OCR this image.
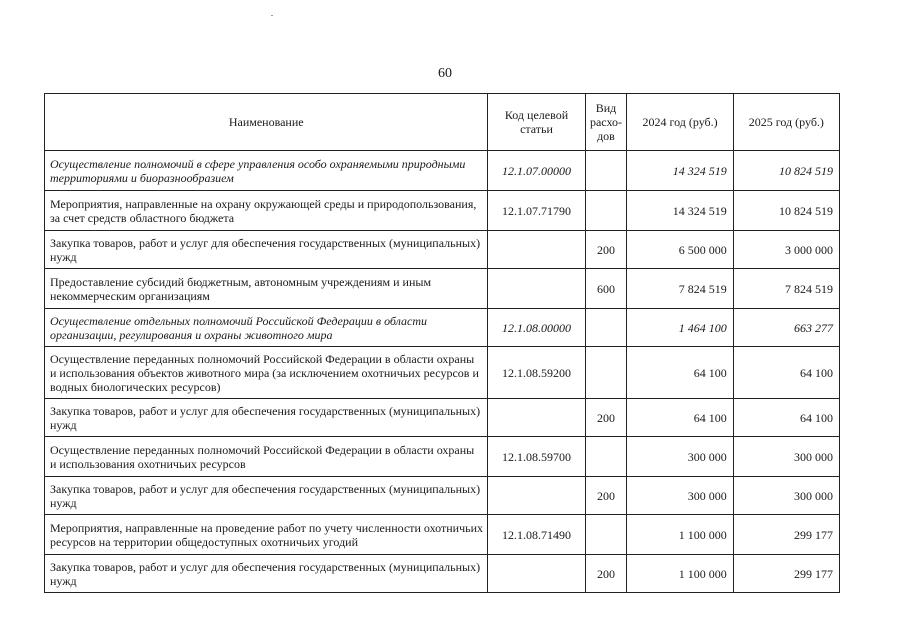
60
Наименование	Код целевой статьи	Вид расхо-дов	2024 год (руб.)	2025 год (руб.)
Осуществление полномочий в сфере управления особо охраняемыми природными территориями и биоразнообразием	12.1.07.00000		14 324 519	10 824 519
Мероприятия, направленные на охрану окружающей среды и природопользования, за счет средств областного бюджета	12.1.07.71790		14 324 519	10 824 519
Закупка товаров, работ и услуг для обеспечения государственных (муниципальных) нужд		200	6 500 000	3 000 000
Предоставление субсидий бюджетным, автономным учреждениям и иным некоммерческим организациям		600	7 824 519	7 824 519
Осуществление отдельных полномочий Российской Федерации в области организации, регулирования и охраны животного мира	12.1.08.00000		1 464 100	663 277
Осуществление переданных полномочий Российской Федерации в области охраны и использования объектов животного мира (за исключением охотничьих ресурсов и водных биологических ресурсов)	12.1.08.59200		64 100	64 100
Закупка товаров, работ и услуг для обеспечения государственных (муниципальных) нужд		200	64 100	64 100
Осуществление переданных полномочий Российской Федерации в области охраны и использования охотничьих ресурсов	12.1.08.59700		300 000	300 000
Закупка товаров, работ и услуг для обеспечения государственных (муниципальных) нужд		200	300 000	300 000
Мероприятия, направленные на проведение работ по учету численности охотничьих ресурсов на территории общедоступных охотничьих угодий	12.1.08.71490		1 100 000	299 177
Закупка товаров, работ и услуг для обеспечения государственных (муниципальных) нужд		200	1 100 000	299 177
